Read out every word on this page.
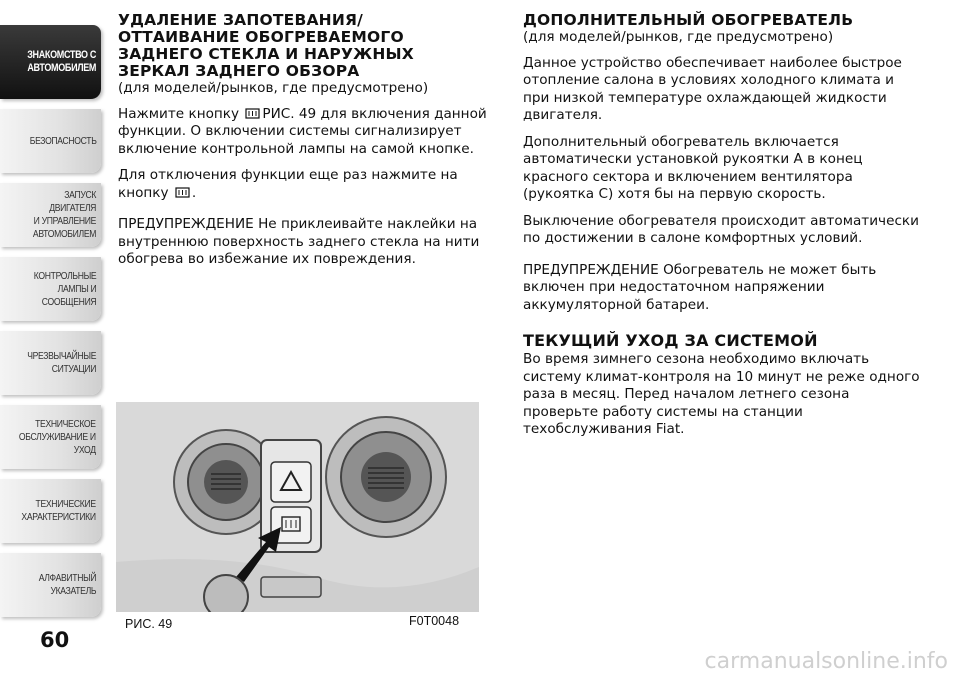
ЗНАКОМСТВО С
АВТОМОБИЛЕМ
БЕЗОПАСНОСТЬ
ЗАПУСК ДВИГАТЕЛЯ
И УПРАВЛЕНИЕ
АВТОМОБИЛЕМ
КОНТРОЛЬНЫЕ
ЛАМПЫ И
СООБЩЕНИЯ
ЧРЕЗВЫЧАЙНЫЕ
СИТУАЦИИ
ТЕХНИЧЕСКОЕ
ОБСЛУЖИВАНИЕ И
УХОД
ТЕХНИЧЕСКИЕ
ХАРАКТЕРИСТИКИ
АЛФАВИТНЫЙ
УКАЗАТЕЛЬ
60
УДАЛЕНИЕ ЗАПОТЕВАНИЯ/
ОТТАИВАНИЕ ОБОГРЕВАЕМОГО
ЗАДНЕГО СТЕКЛА И НАРУЖНЫХ
ЗЕРКАЛ ЗАДНЕГО ОБЗОРА

(для моделей/рынков, где предусмотрено)

Нажмите кнопку РИС. 49 для включения данной функции. О включении системы сигнализирует включение контрольной лампы на самой кнопке.

Для отключения функции еще раз нажмите на кнопку .

ПРЕДУПРЕЖДЕНИЕ Не приклеивайте наклейки на внутреннюю поверхность заднего стекла на нити обогрева во избежание их повреждения.

РИС. 49	F0T0048
ДОПОЛНИТЕЛЬНЫЙ ОБОГРЕВАТЕЛЬ

(для моделей/рынков, где предусмотрено)

Данное устройство обеспечивает наиболее быстрое отопление салона в условиях холодного климата и при низкой температуре охлаждающей жидкости двигателя.

Дополнительный обогреватель включается автоматически установкой рукоятки A в конец красного сектора и включением вентилятора (рукоятка C) хотя бы на первую скорость.

Выключение обогревателя происходит автоматически по достижении в салоне комфортных условий.

ПРЕДУПРЕЖДЕНИЕ Обогреватель не может быть включен при недостаточном напряжении аккумуляторной батареи.

ТЕКУЩИЙ УХОД ЗА СИСТЕМОЙ

Во время зимнего сезона необходимо включать систему климат-контроля на 10 минут не реже одного раза в месяц. Перед началом летнего сезона проверьте работу системы на станции техобслуживания Fiat.

carmanualsonline.info
